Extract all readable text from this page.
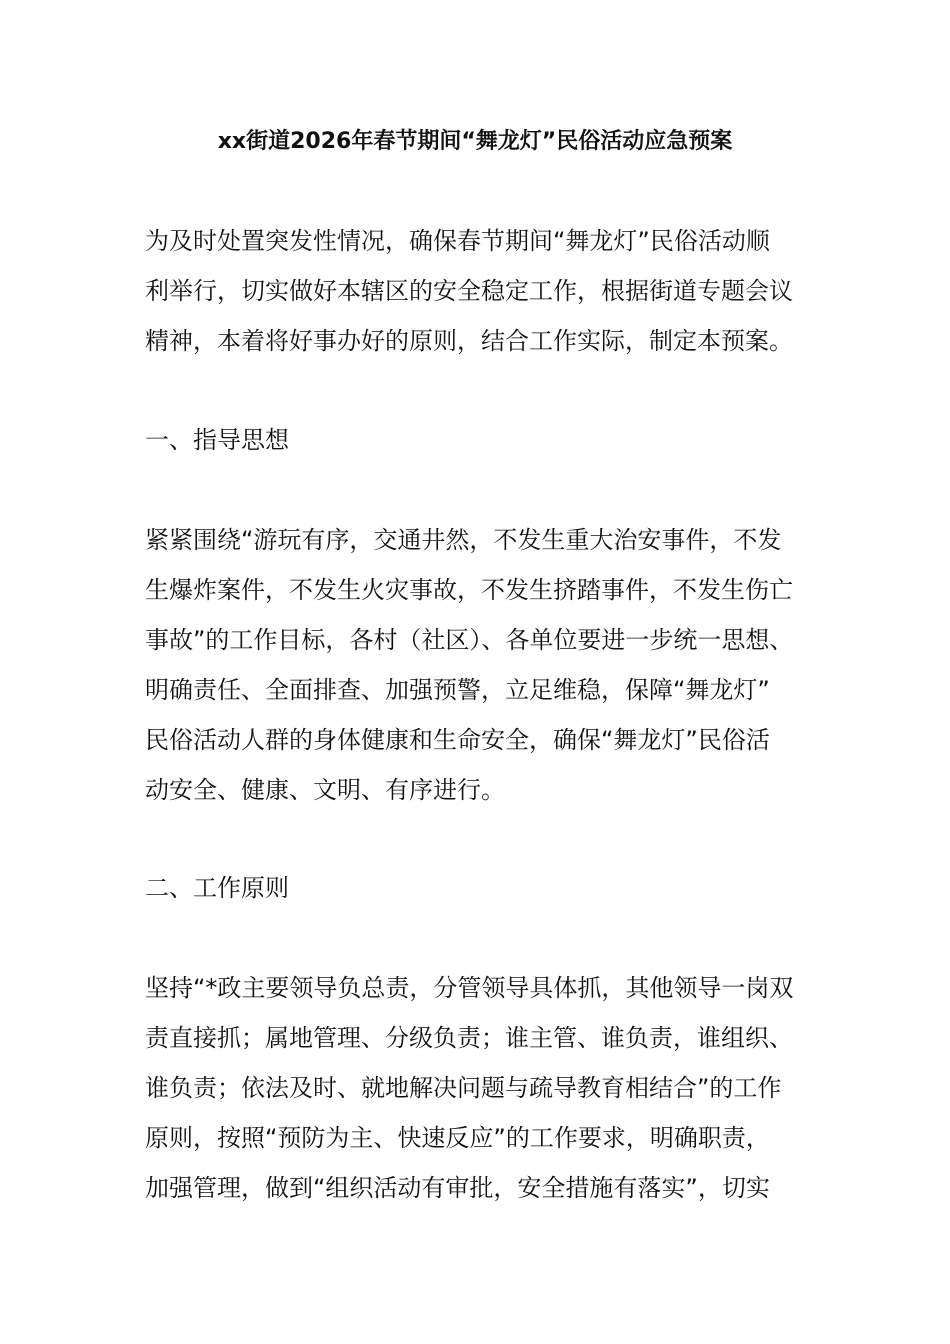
xx街道2026年春节期间“舞龙灯”民俗活动应急预案
为及时处置突发性情况，确保春节期间“舞龙灯”民俗活动顺
利举行，切实做好本辖区的安全稳定工作，根据街道专题会议
精神，本着将好事办好的原则，结合工作实际，制定本预案。
一、指导思想
紧紧围绕“游玩有序，交通井然，不发生重大治安事件，不发
生爆炸案件，不发生火灾事故，不发生挤踏事件，不发生伤亡
事故”的工作目标，各村（社区）、各单位要进一步统一思想、
明确责任、全面排查、加强预警，立足维稳，保障“舞龙灯”
民俗活动人群的身体健康和生命安全，确保“舞龙灯”民俗活
动安全、健康、文明、有序进行。
二、工作原则
坚持“*政主要领导负总责，分管领导具体抓，其他领导一岗双
责直接抓；属地管理、分级负责；谁主管、谁负责，谁组织、
谁负责；依法及时、就地解决问题与疏导教育相结合”的工作
原则，按照“预防为主、快速反应”的工作要求，明确职责，
加强管理，做到“组织活动有审批，安全措施有落实”，切实
